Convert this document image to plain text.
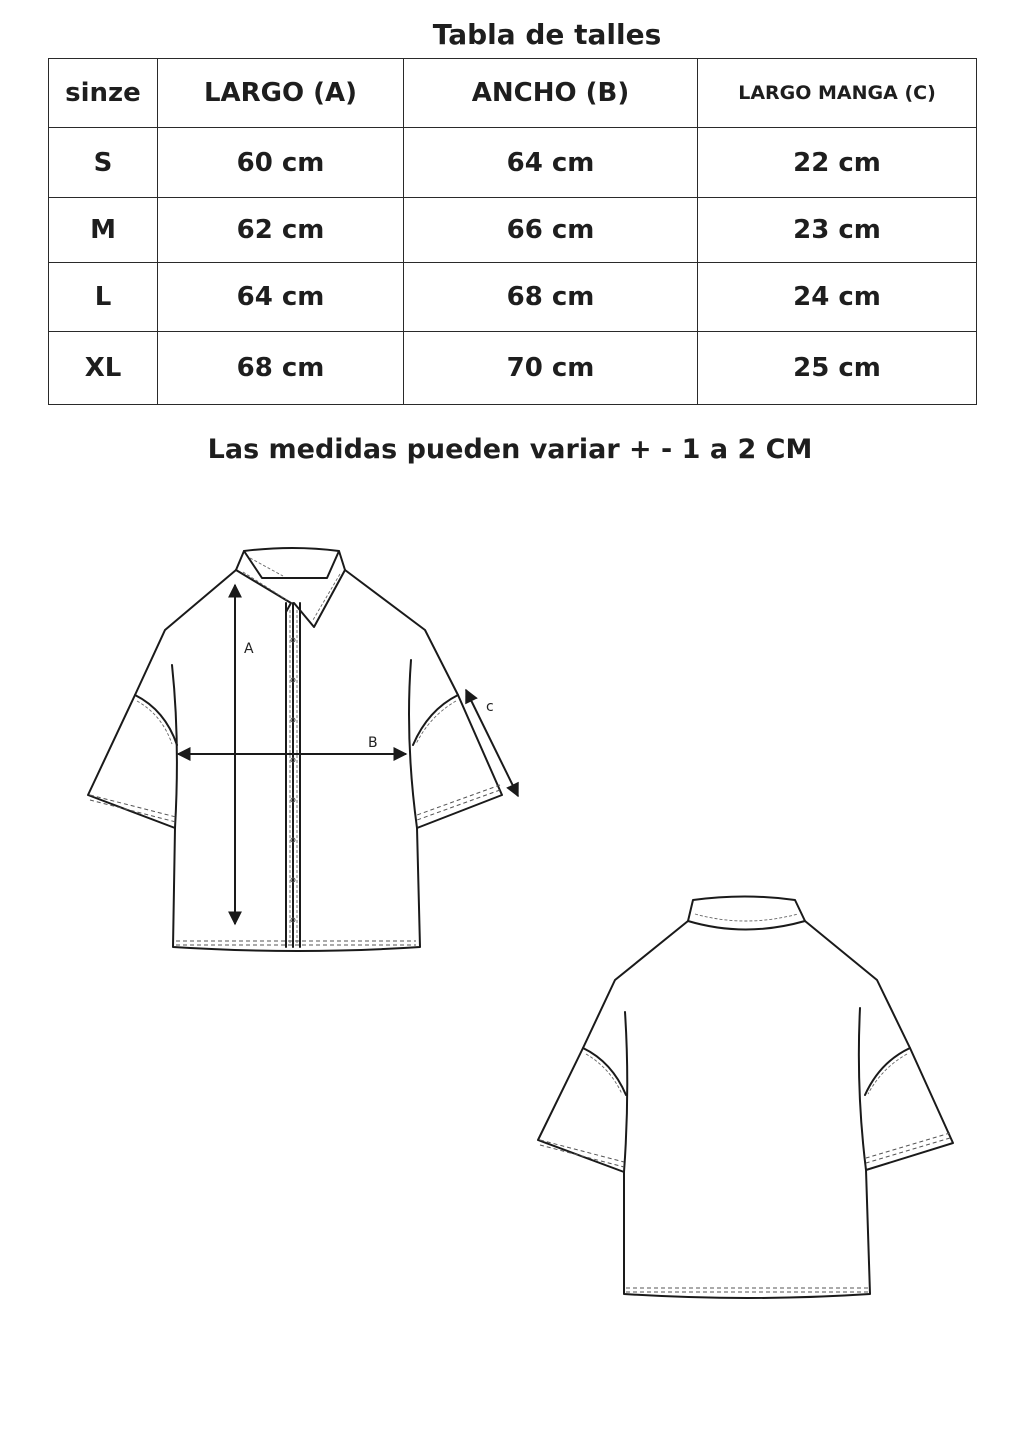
Tabla de talles
sinze	LARGO (A)	ANCHO (B)	LARGO MANGA (C)
S	60 cm	64 cm	22 cm
M	62 cm	66 cm	23 cm
L	64 cm	68 cm	24 cm
XL	68 cm	70 cm	25 cm
Las medidas pueden variar + - 1 a 2 CM
A
B
c
